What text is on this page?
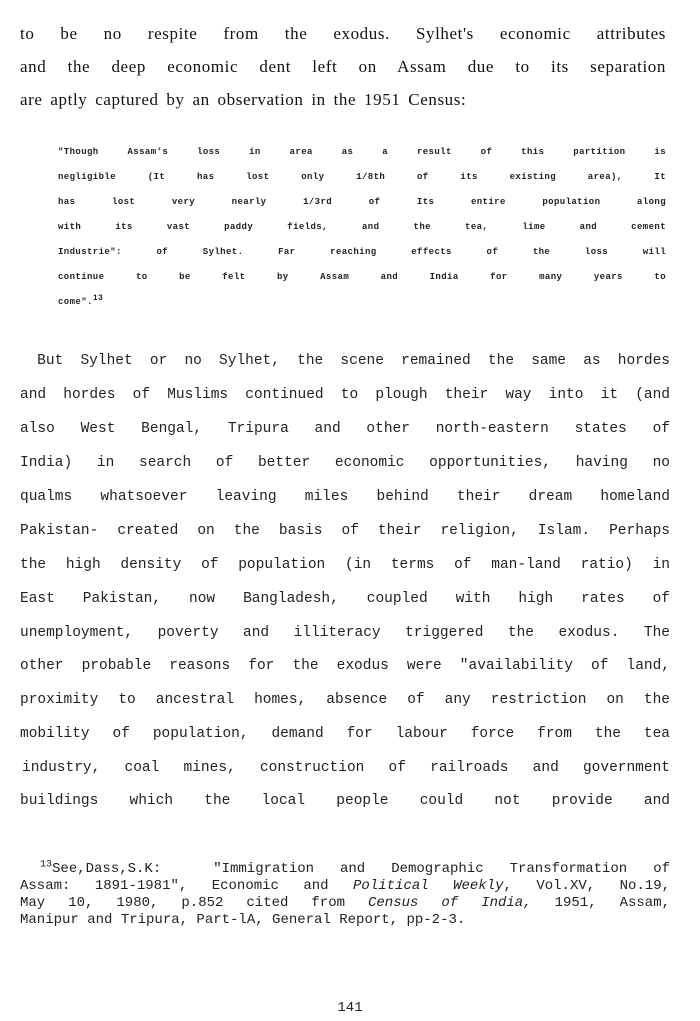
to be no respite from the exodus. Sylhet's economic attributes
and the deep economic dent left on Assam due to its separation
are aptly captured by an observation in the 1951 Census:
"Though Assam's loss in area as a result of this partition is
negligible (It has lost only 1/8th of its existing area), It
has lost very nearly 1/3rd of Its entire population along
with its vast paddy fields, and the tea, lime and cement
Industrie": of Sylhet. Far reaching effects of the loss will
continue to be felt by Assam and India for many years to
come".$^{13}$
But Sylhet or no Sylhet, the scene remained the same as hordes
and hordes of Muslims continued to plough their way into it (and
also West Bengal, Tripura and other north-eastern states of
India) in search of better economic opportunities, having no
qualms whatsoever leaving miles behind their dream homeland
Pakistan- created on the basis of their religion, Islam. Perhaps
the high density of population (in terms of man-land ratio) in
East Pakistan, now Bangladesh, coupled with high rates of
unemployment, poverty and illiteracy triggered the exodus. The
other probable reasons for the exodus were "availability of land,
proximity to ancestral homes, absence of any restriction on the
mobility of population, demand for labour force from the tea
industry, coal mines, construction of railroads and government
buildings which the local people could not provide and
$^{13}$See,Dass,S.K:  "Immigration and Demographic Transformation of
Assam: 1891-1981", Economic and Political Weekly, Vol.XV, No.19,
May 10, 1980, p.852 cited from Census of India, 1951, Assam,
Manipur and Tripura, Part-lA, General Report, pp-2-3.
141
